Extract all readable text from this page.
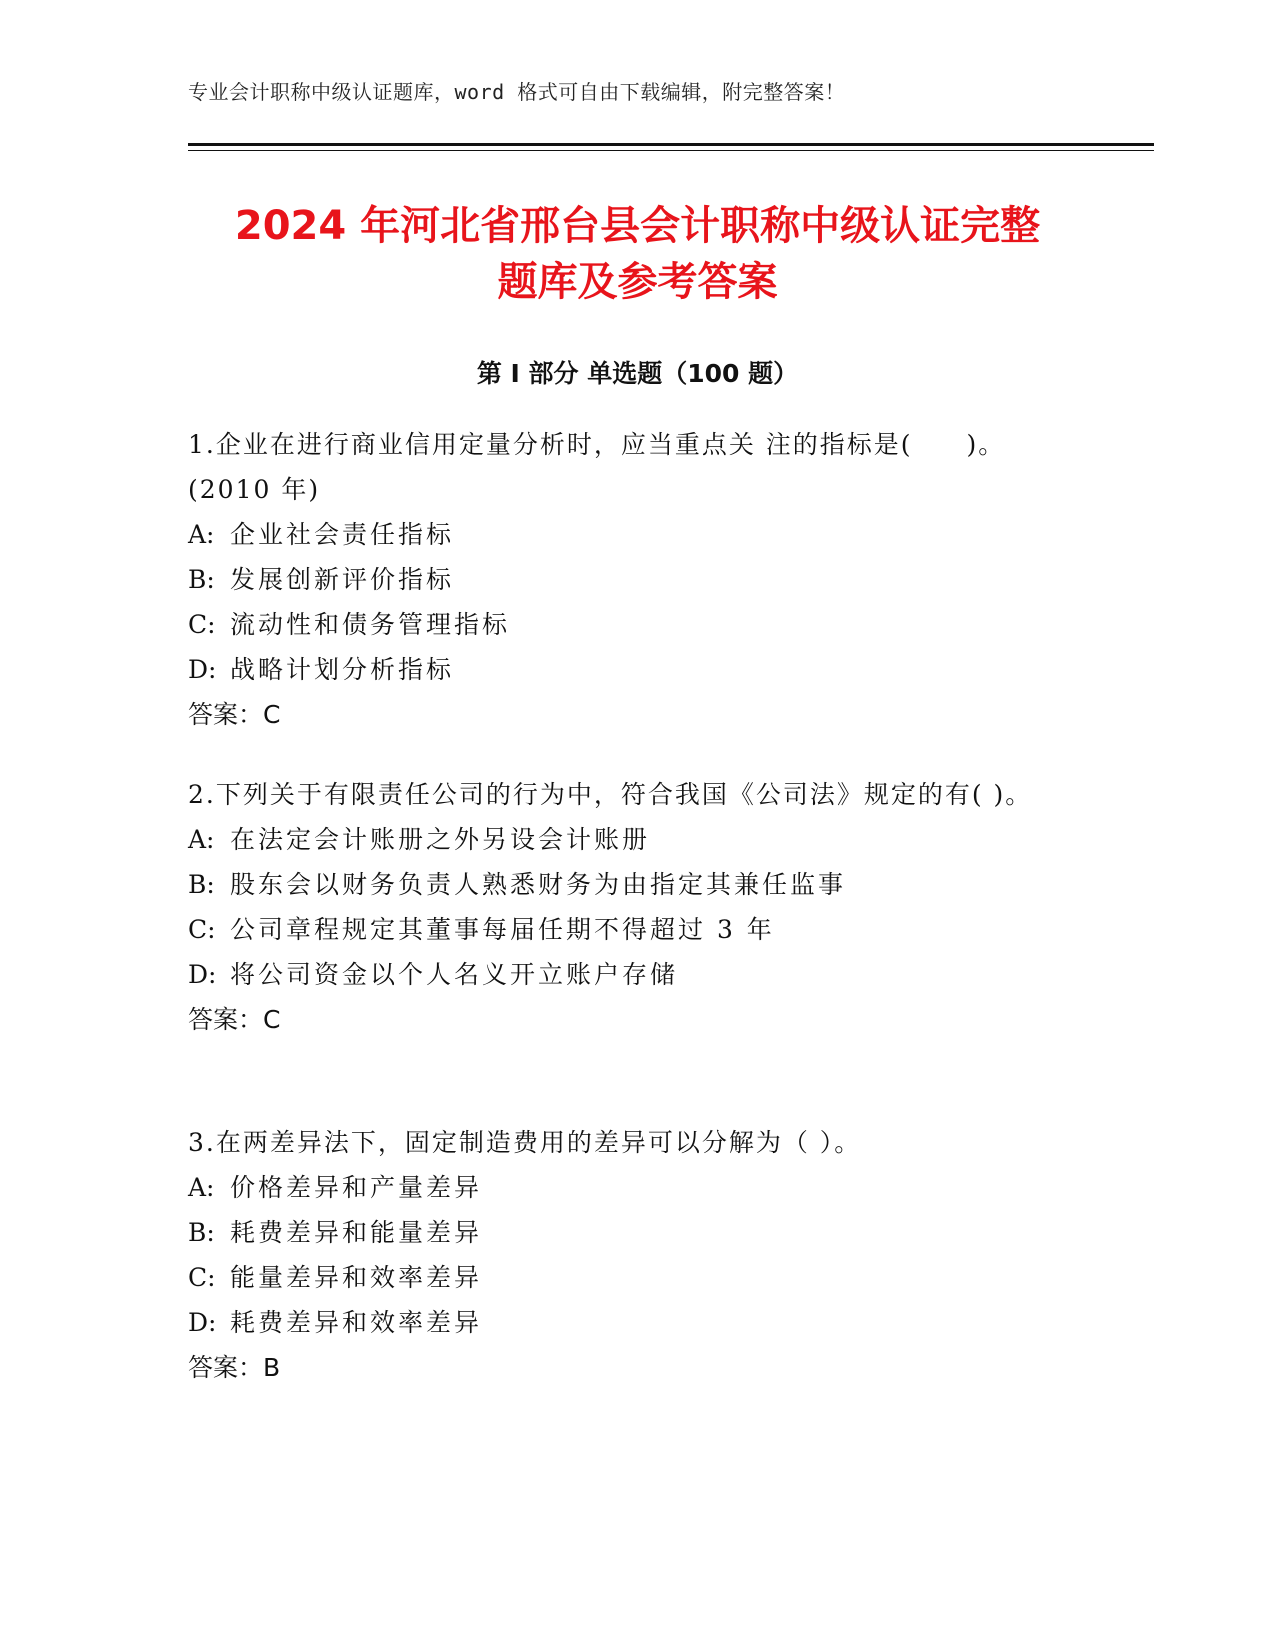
专业会计职称中级认证题库，word 格式可自由下载编辑，附完整答案！
2024 年河北省邢台县会计职称中级认证完整
题库及参考答案
第 I 部分 单选题（100 题）

1.企业在进行商业信用定量分析时，应当重点关 注的指标是(　　)。(2010 年)

A: 企业社会责任指标

B: 发展创新评价指标

C: 流动性和债务管理指标

D: 战略计划分析指标

答案：C

2.下列关于有限责任公司的行为中，符合我国《公司法》规定的有( )。

A: 在法定会计账册之外另设会计账册

B: 股东会以财务负责人熟悉财务为由指定其兼任监事

C: 公司章程规定其董事每届任期不得超过 3 年

D: 将公司资金以个人名义开立账户存储

答案：C

3.在两差异法下，固定制造费用的差异可以分解为（ ）。

A: 价格差异和产量差异

B: 耗费差异和能量差异

C: 能量差异和效率差异

D: 耗费差异和效率差异

答案：B
